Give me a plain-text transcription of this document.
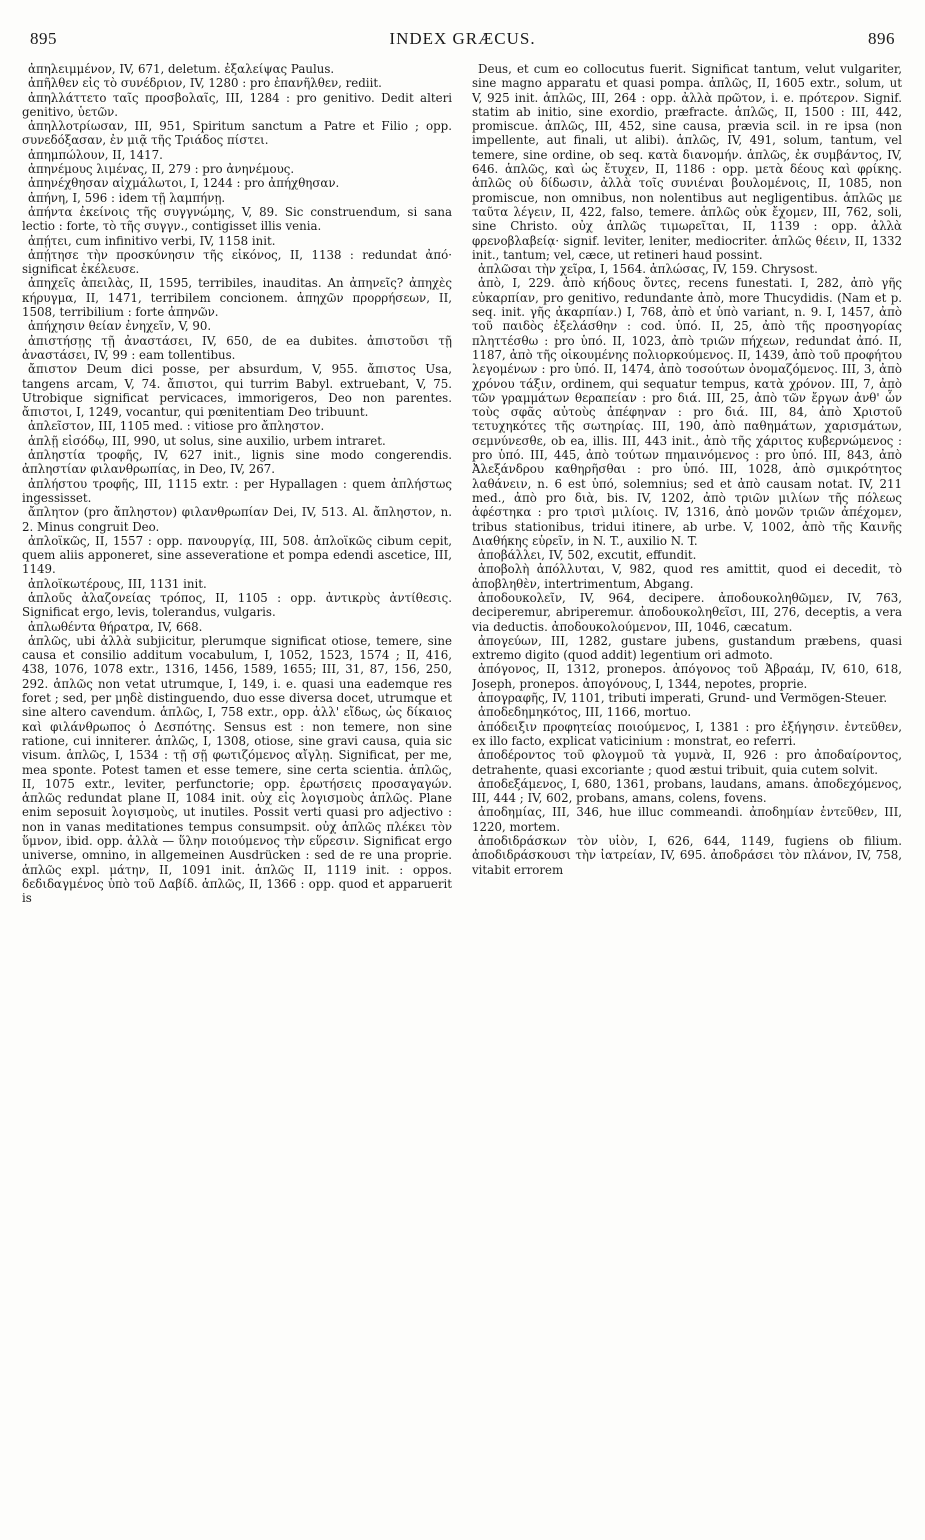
INDEX GRÆCUS.
895	896

ἀπηλειμμένον, IV, 671, deletum. ἐξαλείψας Paulus.

ἀπῆλθεν εἰς τὸ συνέδριον, IV, 1280 : pro ἐπανῆλθεν, rediit.

ἀπηλλάττετο ταῖς προσβολαῖς, III, 1284 : pro genitivo. Dedit alteri genitivo, ὑετῶν.

ἀπηλλοτρίωσαν, III, 951, Spiritum sanctum a Patre et Filio ; opp. συνεδόξασαν, ἐν μιᾷ τῆς Τριάδος πίστει.

ἀπημπώλουν, II, 1417.

ἀπηνέμους λιμένας, II, 279 : pro ἀνηνέμους.

ἀπηνέχθησαν αἰχμάλωτοι, I, 1244 : pro ἀπήχθησαν.

ἀπήνη, I, 596 : idem τῇ λαμπήνῃ.

ἀπήντα ἐκείνοις τῆς συγγνώμης, V, 89. Sic construendum, si sana lectio : forte, τὸ τῆς συγγν., contigisset illis venia.

ἀπῄτει, cum infinitivo verbi, IV, 1158 init.

ἀπῄτησε τὴν προσκύνησιν τῆς εἰκόνος, II, 1138 : redundat ἀπό· significat ἐκέλευσε.

ἀπηχεῖς ἀπειλὰς, II, 1595, terribiles, inauditas. An ἀπηνεῖς? ἀπηχὲς κήρυγμα, II, 1471, terribilem concionem. ἀπηχῶν προρρήσεων, II, 1508, terribilium : forte ἀπηνῶν.

ἀπήχησιν θείαν ἐνηχεῖν, V, 90.

ἀπιστήσῃς τῇ ἀναστάσει, IV, 650, de ea dubites. ἀπιστοῦσι τῇ ἀναστάσει, IV, 99 : eam tollentibus.

ἄπιστον Deum dici posse, per absurdum, V, 955. ἄπιστος Usa, tangens arcam, V, 74. ἄπιστοι, qui turrim Babyl. extruebant, V, 75. Utrobique significat pervicaces, immorigeros, Deo non parentes. ἄπιστοι, I, 1249, vocantur, qui pœnitentiam Deo tribuunt.

ἀπλεῖστον, III, 1105 med. : vitiose pro ἄπληστον.

ἁπλῇ εἰσόδῳ, III, 990, ut solus, sine auxilio, urbem intraret.

ἀπληστία τροφῆς, IV, 627 init., lignis sine modo congerendis. ἀπληστίαν φιλανθρωπίας, in Deo, IV, 267.

ἀπλήστου τροφῆς, III, 1115 extr. : per Hypallagen : quem ἀπλήστως ingessisset.

ἄπλητον (pro ἄπληστον) φιλανθρωπίαν Dei, IV, 513. Al. ἄπληστον, n. 2. Minus congruit Deo.

ἀπλοϊκῶς, II, 1557 : opp. πανουργίᾳ, III, 508. ἀπλοϊκῶς cibum cepit, quem aliis apponeret, sine asseveratione et pompa edendi ascetice, III, 1149.

ἀπλοϊκωτέρους, III, 1131 init.

ἁπλοῦς ἀλαζονείας τρόπος, II, 1105 : opp. ἀντικρὺς ἀντίθεσις. Significat ergo, levis, tolerandus, vulgaris.

ἀπλωθέντα θήρατρα, IV, 668.

ἁπλῶς, ubi ἀλλὰ subjicitur, plerumque significat otiose, temere, sine causa et consilio additum vocabulum, I, 1052, 1523, 1574 ; II, 416, 438, 1076, 1078 extr., 1316, 1456, 1589, 1655; III, 31, 87, 156, 250, 292. ἁπλῶς non vetat utrumque, I, 149, i. e. quasi una eademque res foret ; sed, per μηδὲ distinguendo, duo esse diversa docet, utrumque et sine altero cavendum. ἁπλῶς, I, 758 extr., opp. ἀλλ' εἴδως, ὡς δίκαιος καὶ φιλάνθρωπος ὁ Δεσπότης. Sensus est : non temere, non sine ratione, cui inniterer. ἁπλῶς, I, 1308, otiose, sine gravi causa, quia sic visum. ἁπλῶς, I, 1534 : τῇ σῇ φωτιζόμενος αἴγλῃ. Significat, per me, mea sponte. Potest tamen et esse temere, sine certa scientia. ἁπλῶς, II, 1075 extr., leviter, perfunctorie; opp. ἐρωτήσεις προσαγαγών. ἁπλῶς redundat plane II, 1084 init. οὐχ εἰς λογισμοὺς ἁπλῶς. Plane enim seposuit λογισμοὺς, ut inutiles. Possit verti quasi pro adjectivo : non in vanas meditationes tempus consumpsit. οὐχ ἁπλῶς πλέκει τὸν ὕμνον, ibid. opp. ἀλλὰ — ὕλην ποιούμενος τὴν εὕρεσιν. Significat ergo universe, omnino, in allgemeinen Ausdrücken : sed de re una proprie. ἁπλῶς expl. μάτην, II, 1091 init. ἁπλῶς II, 1119 init. : oppos. δεδιδαγμένος ὑπὸ τοῦ Δαβίδ. ἁπλῶς, II, 1366 : opp. quod et apparuerit is

Deus, et cum eo collocutus fuerit. Significat tantum, velut vulgariter, sine magno apparatu et quasi pompa. ἁπλῶς, II, 1605 extr., solum, ut V, 925 init. ἁπλῶς, III, 264 : opp. ἀλλὰ πρῶτον, i. e. πρότερον. Signif. statim ab initio, sine exordio, præfracte. ἁπλῶς, II, 1500 : III, 442, promiscue. ἁπλῶς, III, 452, sine causa, prævia scil. in re ipsa (non impellente, aut finali, ut alibi). ἁπλῶς, IV, 491, solum, tantum, vel temere, sine ordine, ob seq. κατὰ διανομήν. ἁπλῶς, ἐκ συμβάντος, IV, 646. ἁπλῶς, καὶ ὡς ἔτυχεν, II, 1186 : opp. μετὰ δέους καὶ φρίκης. ἁπλῶς οὐ δίδωσιν, ἀλλὰ τοῖς συνιέναι βουλομένοις, II, 1085, non promiscue, non omnibus, non nolentibus aut negligentibus. ἁπλῶς με ταῦτα λέγειν, II, 422, falso, temere. ἁπλῶς οὐκ ἔχομεν, III, 762, soli, sine Christo. οὐχ ἁπλῶς τιμωρεῖται, II, 1139 : opp. ἀλλὰ φρενοβλαβείᾳ· signif. leviter, leniter, mediocriter. ἁπλῶς θέειν, II, 1332 init., tantum; vel, cæce, ut retineri haud possint.

ἀπλῶσαι τὴν χεῖρα, I, 1564. ἀπλώσας, IV, 159. Chrysost.

ἀπὸ, I, 229. ἀπὸ κήδους ὄντες, recens funestati. I, 282, ἀπὸ γῆς εὐκαρπίαν, pro genitivo, redundante ἀπὸ, more Thucydidis. (Nam et p. seq. init. γῆς ἀκαρπίαν.) I, 768, ἀπὸ et ὑπὸ variant, n. 9. I, 1457, ἀπὸ τοῦ παιδὸς ἐξελάσθην : cod. ὑπό. II, 25, ἀπὸ τῆς προσηγορίας πληττέσθω : pro ὑπό. II, 1023, ἀπὸ τριῶν πήχεων, redundat ἀπό. II, 1187, ἀπὸ τῆς οἰκουμένης πολιορκούμενος. II, 1439, ἀπὸ τοῦ προφήτου λεγομένων : pro ὑπό. II, 1474, ἀπὸ τοσούτων ὀνομαζόμενος. III, 3, ἀπὸ χρόνου τάξιν, ordinem, qui sequatur tempus, κατὰ χρόνον. III, 7, ἀπὸ τῶν γραμμάτων θεραπείαν : pro διά. III, 25, ἀπὸ τῶν ἔργων ἀνθ' ὧν τοὺς σφᾶς αὐτοὺς ἀπέφηναν : pro διά. III, 84, ἀπὸ Χριστοῦ τετυχηκότες τῆς σωτηρίας. III, 190, ἀπὸ παθημάτων, χαρισμάτων, σεμνύνεσθε, ob ea, illis. III, 443 init., ἀπὸ τῆς χάριτος κυβερνώμενος : pro ὑπό. III, 445, ἀπὸ τούτων πημαινόμενος : pro ὑπό. III, 843, ἀπὸ Ἀλεξάνδρου καθηρῆσθαι : pro ὑπό. III, 1028, ἀπὸ σμικρότητος λαθάνειν, n. 6 est ὑπό, solemnius; sed et ἀπὸ causam notat. IV, 211 med., ἀπὸ pro διὰ, bis. IV, 1202, ἀπὸ τριῶν μιλίων τῆς πόλεως ἀφέστηκα : pro τρισὶ μιλίοις. IV, 1316, ἀπὸ μονῶν τριῶν ἀπέχομεν, tribus stationibus, tridui itinere, ab urbe. V, 1002, ἀπὸ τῆς Καινῆς Διαθήκης εὑρεῖν, in N. T., auxilio N. T.

ἀποβάλλει, IV, 502, excutit, effundit.

ἀποβολὴ ἀπόλλυται, V, 982, quod res amittit, quod ei decedit, τὸ ἀποβληθὲν, intertrimentum, Abgang.

ἀποδουκολεῖν, IV, 964, decipere. ἀποδουκοληθῶμεν, IV, 763, deciperemur, abriperemur. ἀποδουκοληθεῖσι, III, 276, deceptis, a vera via deductis. ἀποδουκολούμενον, III, 1046, cæcatum.

ἀπογεύων, III, 1282, gustare jubens, gustandum præbens, quasi extremo digito (quod addit) legentium ori admoto.

ἀπόγονος, II, 1312, pronepos. ἀπόγονος τοῦ Ἀβραάμ, IV, 610, 618, Joseph, pronepos. ἀπογόνους, I, 1344, nepotes, proprie.

ἀπογραφῆς, IV, 1101, tributi imperati, Grund- und Vermögen-Steuer.

ἀποδεδημηκότος, III, 1166, mortuo.

ἀπόδειξιν προφητείας ποιούμενος, I, 1381 : pro ἐξήγησιν. ἐντεῦθεν, ex illo facto, explicat vaticinium : monstrat, eo referri.

ἀποδέροντος τοῦ φλογμοῦ τὰ γυμνὰ, II, 926 : pro ἀποδαίροντος, detrahente, quasi excoriante ; quod æstui tribuit, quia cutem solvit.

ἀποδεξάμενος, I, 680, 1361, probans, laudans, amans. ἀποδεχόμενος, III, 444 ; IV, 602, probans, amans, colens, fovens.

ἀποδημίας, III, 346, hue illuc commeandi. ἀποδημίαν ἐντεῦθεν, III, 1220, mortem.

ἀποδιδράσκων τὸν υἱὸν, I, 626, 644, 1149, fugiens ob filium. ἀποδιδράσκουσι τὴν ἰατρείαν, IV, 695. ἀποδράσει τὸν πλάνον, IV, 758, vitabit errorem
